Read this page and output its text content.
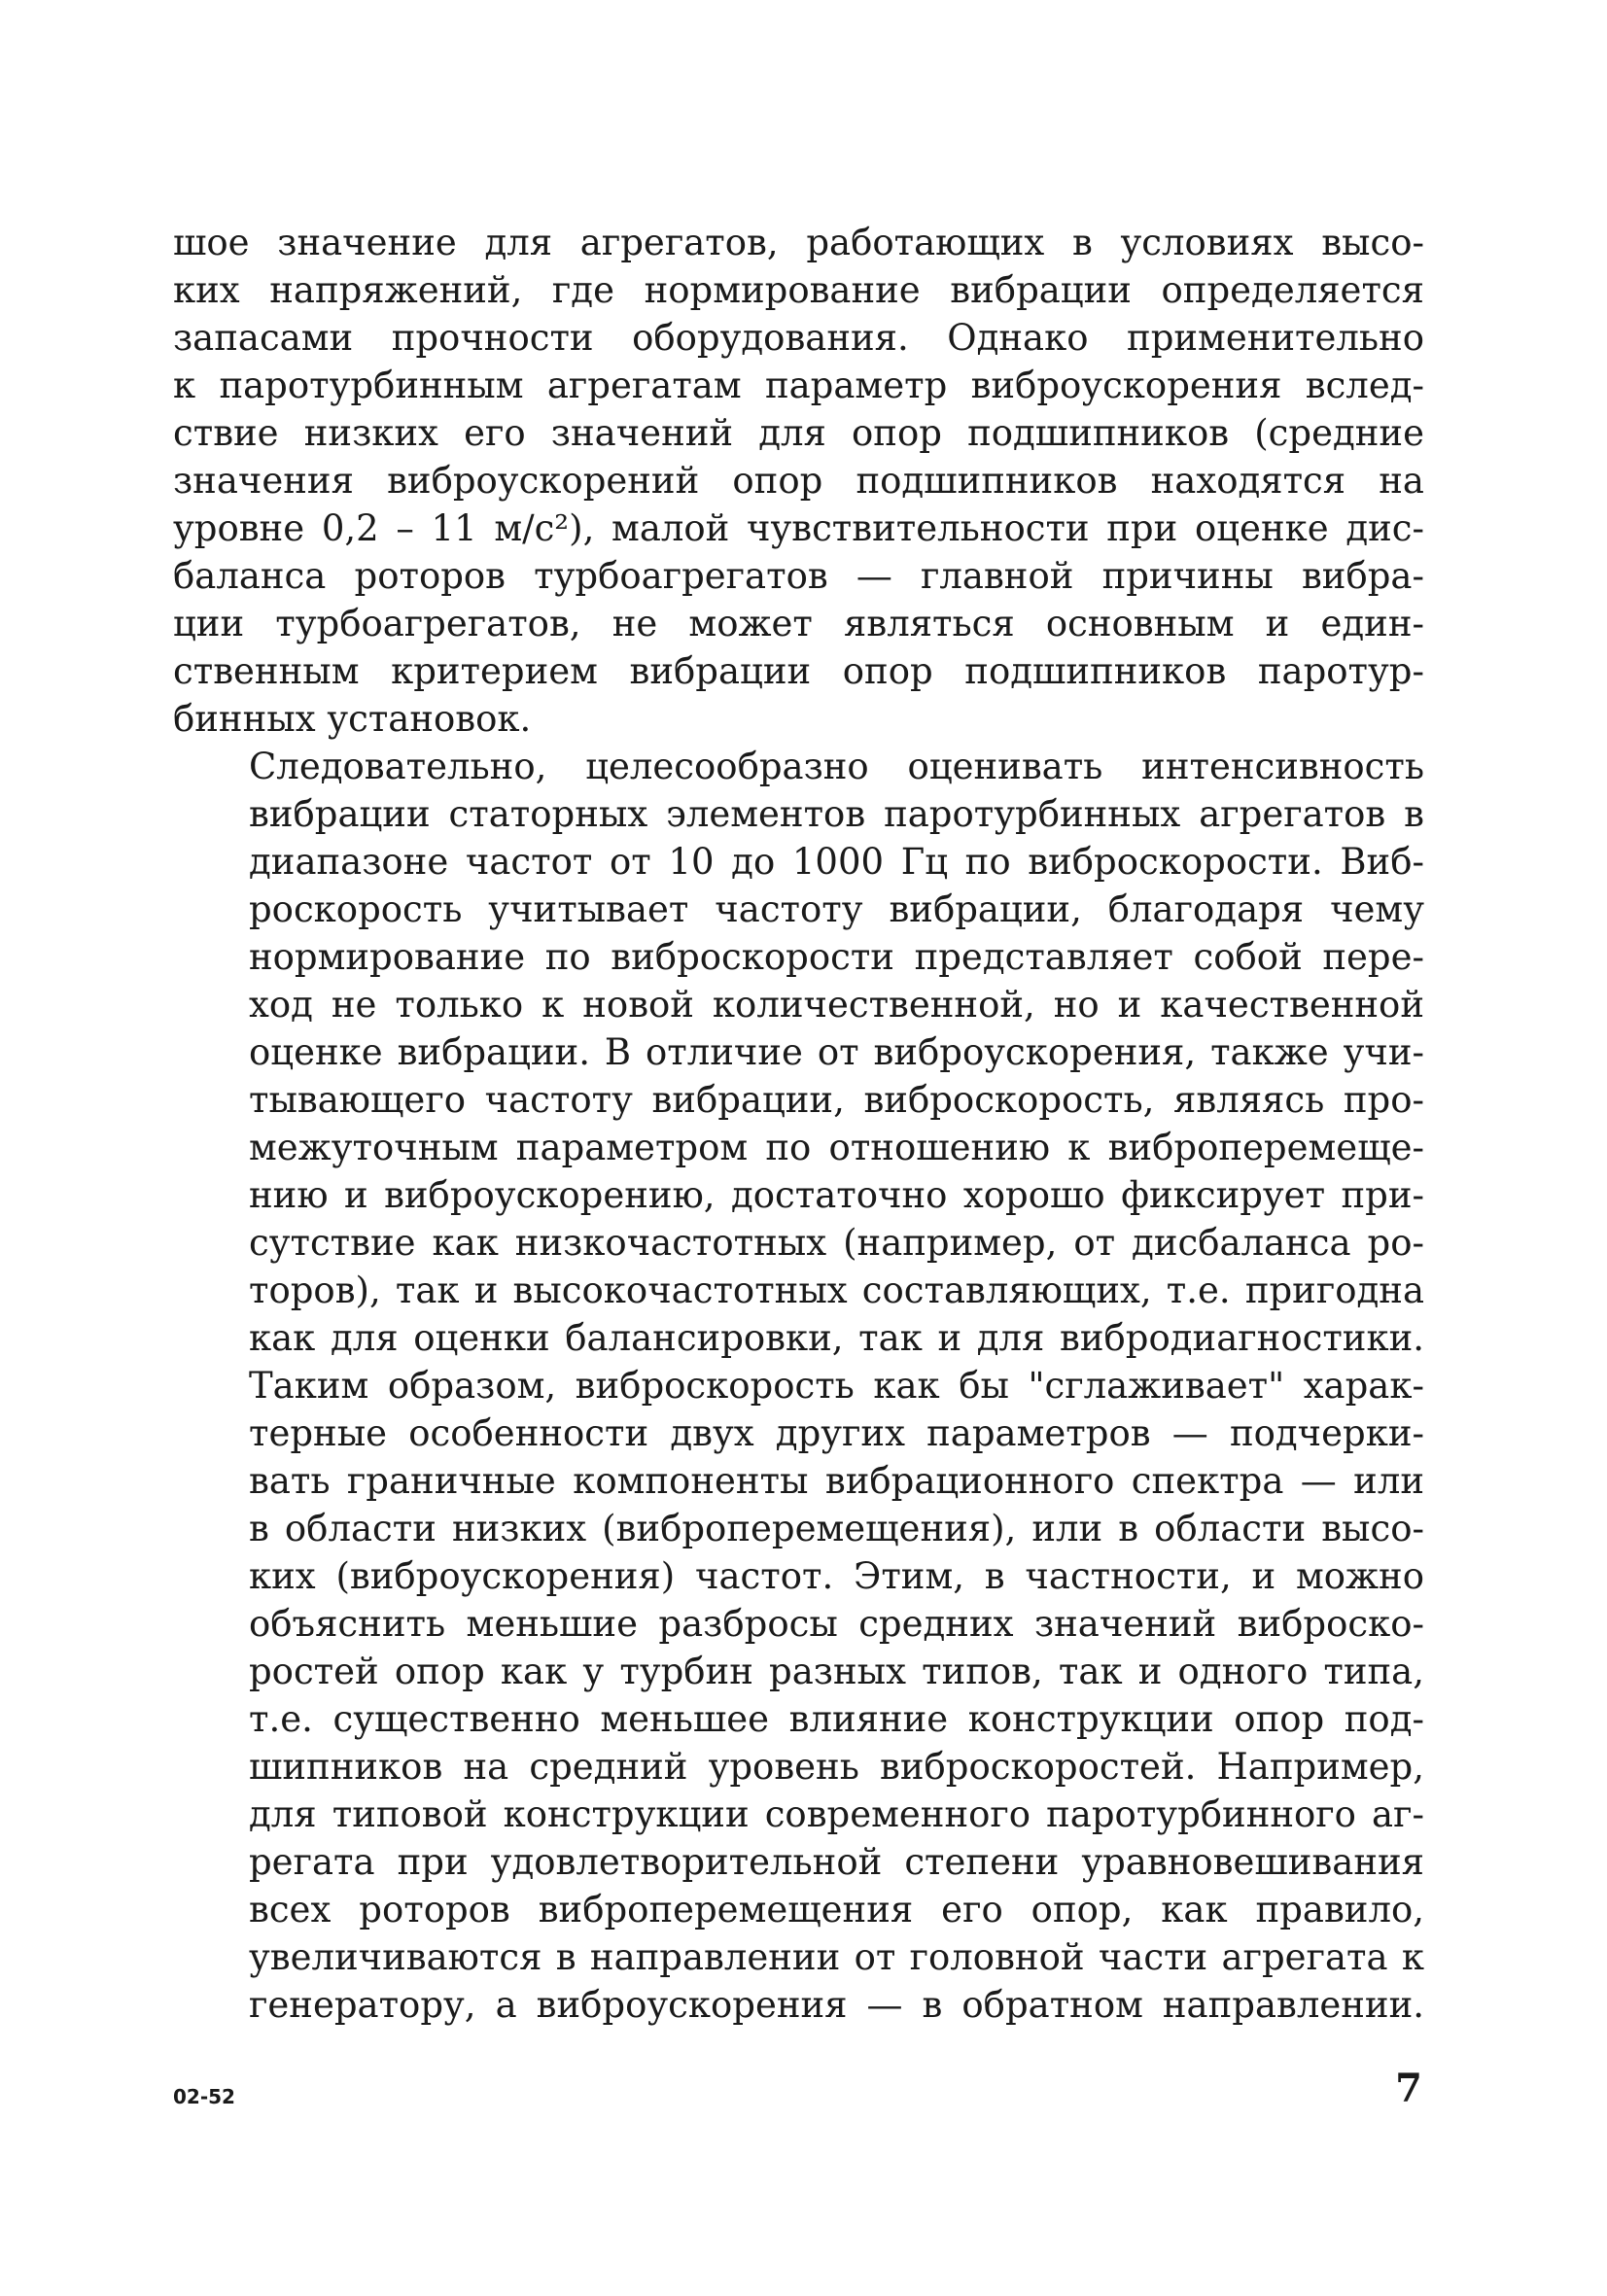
шое значение для агрегатов, работающих в условиях высо-
ких напряжений, где нормирование вибрации определяется
запасами прочности оборудования. Однако применительно
к паротурбинным агрегатам параметр виброускорения вслед-
ствие низких его значений для опор подшипников (средние
значения виброускорений опор подшипников находятся на
уровне 0,2 – 11 м/с²), малой чувствительности при оценке дис-
баланса роторов турбоагрегатов — главной причины вибра-
ции турбоагрегатов, не может являться основным и един-
ственным критерием вибрации опор подшипников паротур-
бинных установок.

Следовательно, целесообразно оценивать интенсивность
вибрации статорных элементов паротурбинных агрегатов в
диапазоне частот от 10 до 1000 Гц по виброскорости. Виб-
роскорость учитывает частоту вибрации, благодаря чему
нормирование по виброскорости представляет собой пере-
ход не только к новой количественной, но и качественной
оценке вибрации. В отличие от виброускорения, также учи-
тывающего частоту вибрации, виброскорость, являясь про-
межуточным параметром по отношению к виброперемеще-
нию и виброускорению, достаточно хорошо фиксирует при-
сутствие как низкочастотных (например, от дисбаланса ро-
торов), так и высокочастотных составляющих, т.е. пригодна
как для оценки балансировки, так и для вибродиагностики.
Таким образом, виброскорость как бы "сглаживает" харак-
терные особенности двух других параметров — подчерки-
вать граничные компоненты вибрационного спектра — или
в области низких (виброперемещения), или в области высо-
ких (виброускорения) частот. Этим, в частности, и можно
объяснить меньшие разбросы средних значений виброско-
ростей опор как у турбин разных типов, так и одного типа,
т.е. существенно меньшее влияние конструкции опор под-
шипников на средний уровень виброскоростей. Например,
для типовой конструкции современного паротурбинного аг-
регата при удовлетворительной степени уравновешивания
всех роторов виброперемещения его опор, как правило,
увеличиваются в направлении от головной части агрегата к
генератору, а виброускорения — в обратном направлении.

02-52	7
